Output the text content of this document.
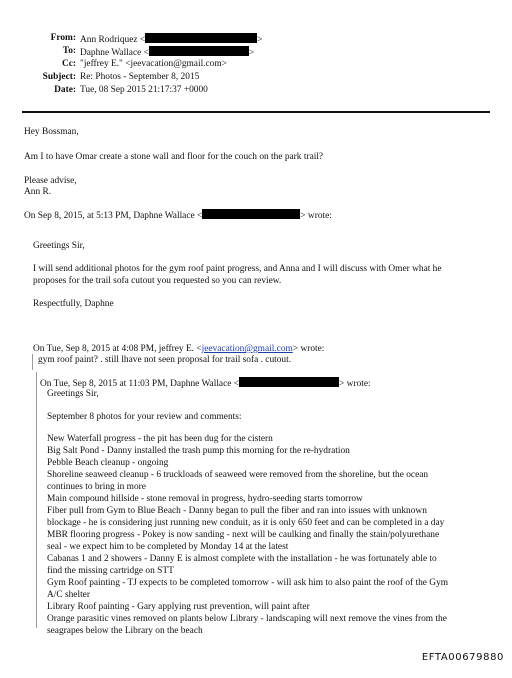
From: Ann Rodriquez <	>
To: Daphne Wallace <	>
Cc: "jeffrey E." <jeevacation@gmail.com>
Subject: Re: Photos - September 8, 2015
Date: Tue, 08 Sep 2015 21:17:37 +0000
Hey Bossman,
Am I to have Omar create a stone wall and floor for the couch on the park trail?
Please advise,
Ann R.
On Sep 8, 2015, at 5:13 PM, Daphne Wallace <	> wrote:
Greetings Sir,
I will send additional photos for the gym roof paint progress, and Anna and I will discuss with Omer what he
proposes for the trail sofa cutout you requested so you can review.
Respectfully, Daphne
On Tue, Sep 8, 2015 at 4:08 PM, jeffrey E. <jeevacation@gmail.com> wrote:
gym roof paint? . still lhave not seen proposal for trail sofa . cutout.
On Tue, Sep 8, 2015 at 11:03 PM, Daphne Wallace <	> wrote:
Greetings Sir,
September 8 photos for your review and comments:
New Waterfall progress - the pit has been dug for the cistern
Big Salt Pond - Danny installed the trash pump this morning for the re-hydration
Pebble Beach cleanup - ongoing
Shoreline seaweed cleanup - 6 truckloads of seaweed were removed from the shoreline, but the ocean
continues to bring in more
Main compound hillside - stone removal in progress, hydro-seeding starts tomorrow
Fiber pull from Gym to Blue Beach - Danny began to pull the fiber and ran into issues with unknown
blockage - he is considering just running new conduit, as it is only 650 feet and can be completed in a day
MBR flooring progress - Pokey is now sanding - next will be caulking and finally the stain/polyurethane
seal - we expect him to be completed by Monday 14 at the latest
Cabanas 1 and 2 showers - Danny E is almost complete with the installation - he was fortunately able to
find the missing cartridge on STT
Gym Roof painting - TJ expects to be completed tomorrow - will ask him to also paint the roof of the Gym
A/C shelter
Library Roof painting - Gary applying rust prevention, will paint after
Orange parasitic vines removed on plants below Library - landscaping will next remove the vines from the
seagrapes below the Library on the beach
EFTA00679880
